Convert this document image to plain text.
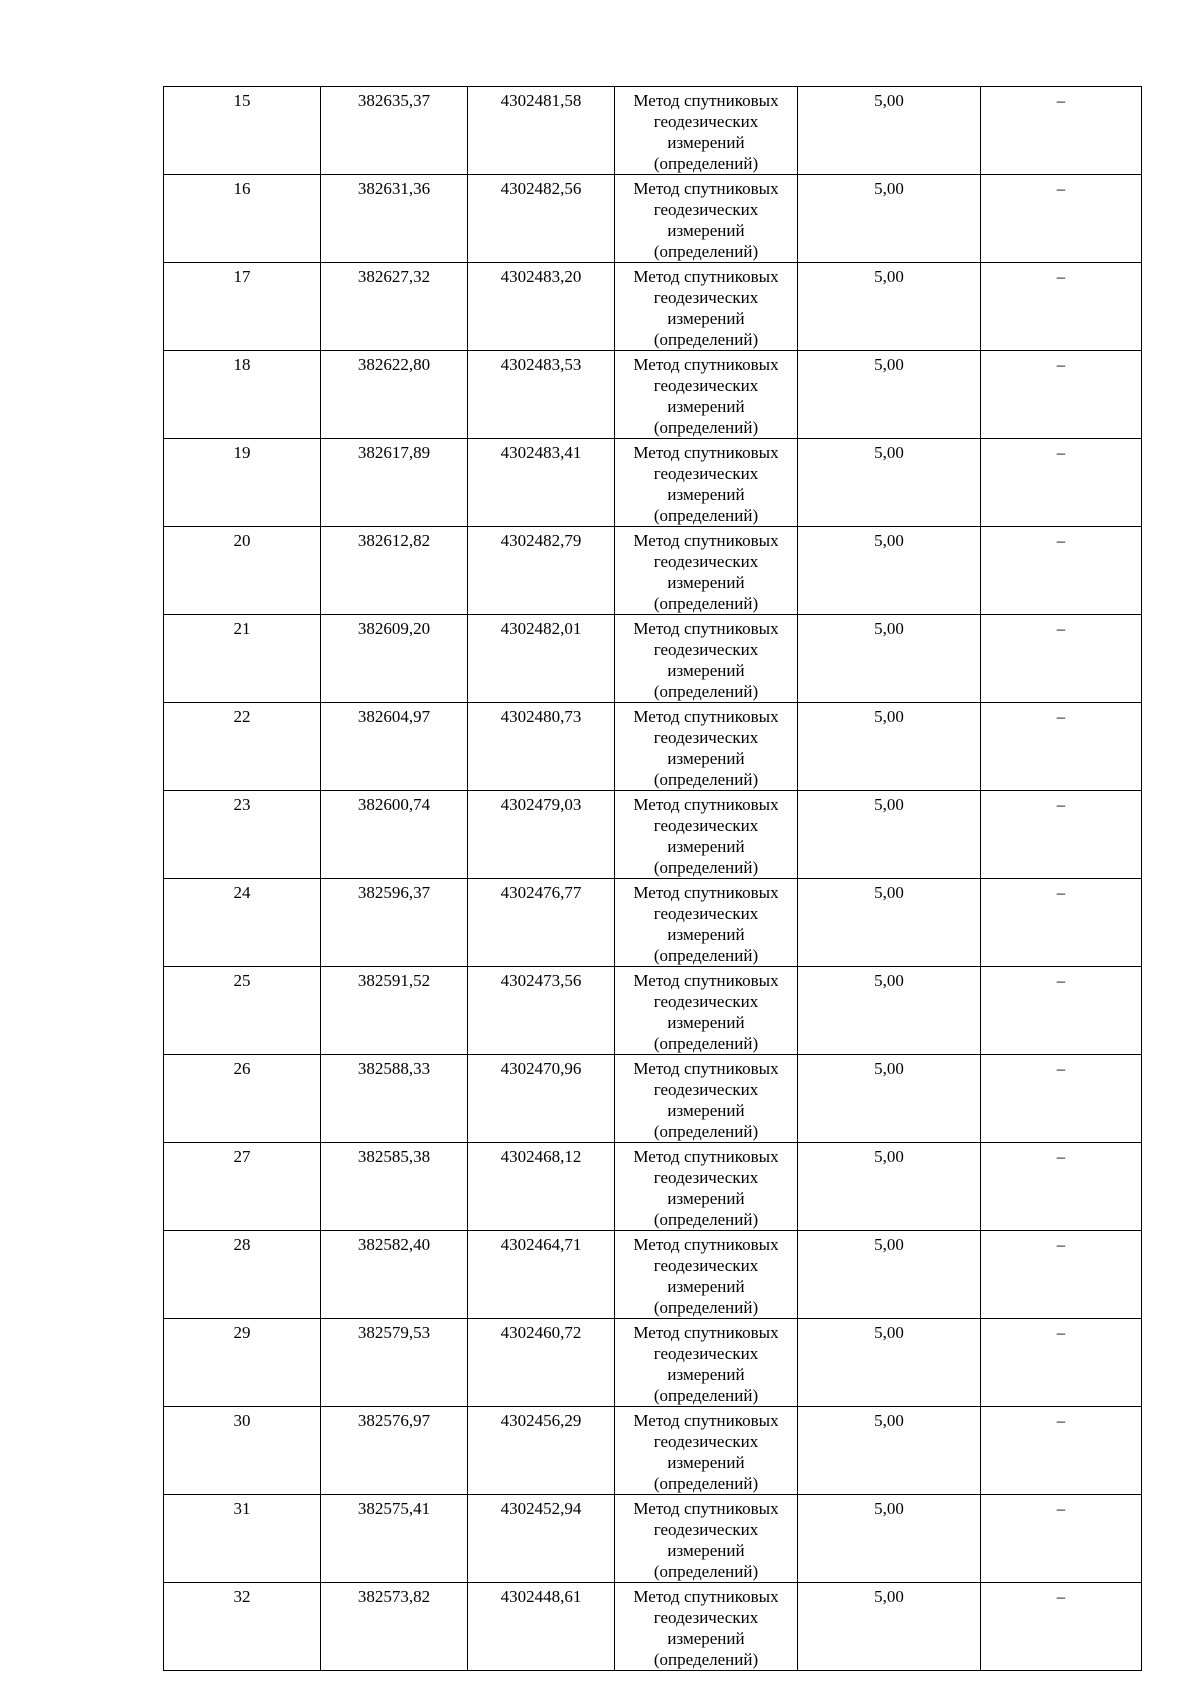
15	382635,37	4302481,58	Метод спутниковых
геодезических
измерений
(определений)	5,00	–
16	382631,36	4302482,56	Метод спутниковых
геодезических
измерений
(определений)	5,00	–
17	382627,32	4302483,20	Метод спутниковых
геодезических
измерений
(определений)	5,00	–
18	382622,80	4302483,53	Метод спутниковых
геодезических
измерений
(определений)	5,00	–
19	382617,89	4302483,41	Метод спутниковых
геодезических
измерений
(определений)	5,00	–
20	382612,82	4302482,79	Метод спутниковых
геодезических
измерений
(определений)	5,00	–
21	382609,20	4302482,01	Метод спутниковых
геодезических
измерений
(определений)	5,00	–
22	382604,97	4302480,73	Метод спутниковых
геодезических
измерений
(определений)	5,00	–
23	382600,74	4302479,03	Метод спутниковых
геодезических
измерений
(определений)	5,00	–
24	382596,37	4302476,77	Метод спутниковых
геодезических
измерений
(определений)	5,00	–
25	382591,52	4302473,56	Метод спутниковых
геодезических
измерений
(определений)	5,00	–
26	382588,33	4302470,96	Метод спутниковых
геодезических
измерений
(определений)	5,00	–
27	382585,38	4302468,12	Метод спутниковых
геодезических
измерений
(определений)	5,00	–
28	382582,40	4302464,71	Метод спутниковых
геодезических
измерений
(определений)	5,00	–
29	382579,53	4302460,72	Метод спутниковых
геодезических
измерений
(определений)	5,00	–
30	382576,97	4302456,29	Метод спутниковых
геодезических
измерений
(определений)	5,00	–
31	382575,41	4302452,94	Метод спутниковых
геодезических
измерений
(определений)	5,00	–
32	382573,82	4302448,61	Метод спутниковых
геодезических
измерений
(определений)	5,00	–
